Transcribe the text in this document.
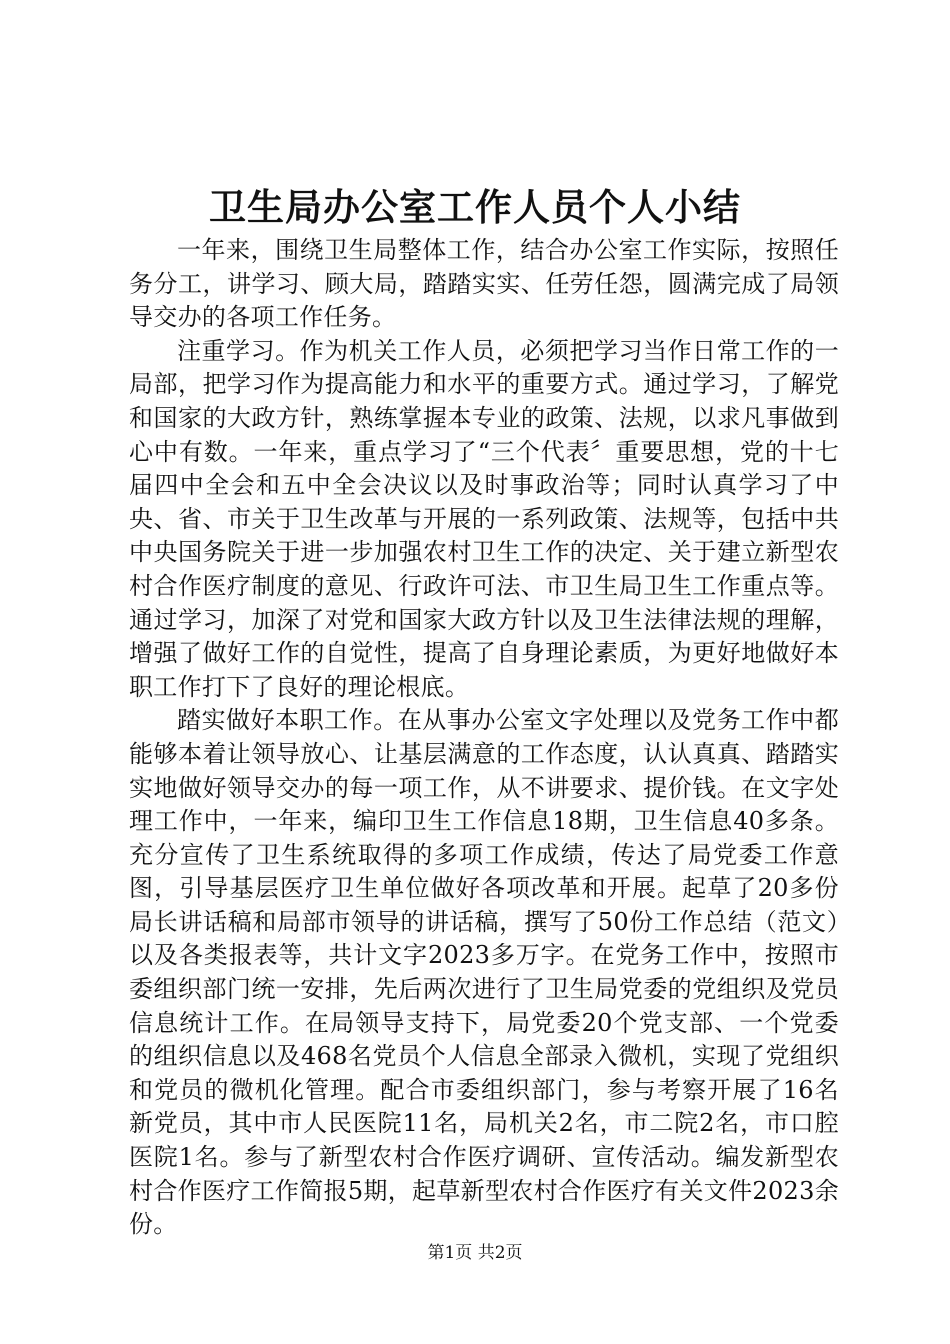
卫生局办公室工作人员个人小结

一年来，围绕卫生局整体工作，结合办公室工作实际，按照任务分工，讲学习、顾大局，踏踏实实、任劳任怨，圆满完成了局领导交办的各项工作任务。

注重学习。作为机关工作人员，必须把学习当作日常工作的一局部，把学习作为提高能力和水平的重要方式。通过学习，了解党和国家的大政方针，熟练掌握本专业的政策、法规，以求凡事做到心中有数。一年来，重点学习了“三个代表〞重要思想，党的十七届四中全会和五中全会决议以及时事政治等；同时认真学习了中央、省、市关于卫生改革与开展的一系列政策、法规等，包括中共中央国务院关于进一步加强农村卫生工作的决定、关于建立新型农村合作医疗制度的意见、行政许可法、市卫生局卫生工作重点等。通过学习，加深了对党和国家大政方针以及卫生法律法规的理解，增强了做好工作的自觉性，提高了自身理论素质，为更好地做好本职工作打下了良好的理论根底。

踏实做好本职工作。在从事办公室文字处理以及党务工作中都能够本着让领导放心、让基层满意的工作态度，认认真真、踏踏实实地做好领导交办的每一项工作，从不讲要求、提价钱。在文字处理工作中，一年来，编印卫生工作信息18期，卫生信息40多条。充分宣传了卫生系统取得的多项工作成绩，传达了局党委工作意图，引导基层医疗卫生单位做好各项改革和开展。起草了20多份局长讲话稿和局部市领导的讲话稿，撰写了50份工作总结（范文）以及各类报表等，共计文字2023多万字。在党务工作中，按照市委组织部门统一安排，先后两次进行了卫生局党委的党组织及党员信息统计工作。在局领导支持下，局党委20个党支部、一个党委的组织信息以及468名党员个人信息全部录入微机，实现了党组织和党员的微机化管理。配合市委组织部门，参与考察开展了16名新党员，其中市人民医院11名，局机关2名，市二院2名，市口腔医院1名。参与了新型农村合作医疗调研、宣传活动。编发新型农村合作医疗工作简报5期，起草新型农村合作医疗有关文件2023余份。

第1页 共2页
